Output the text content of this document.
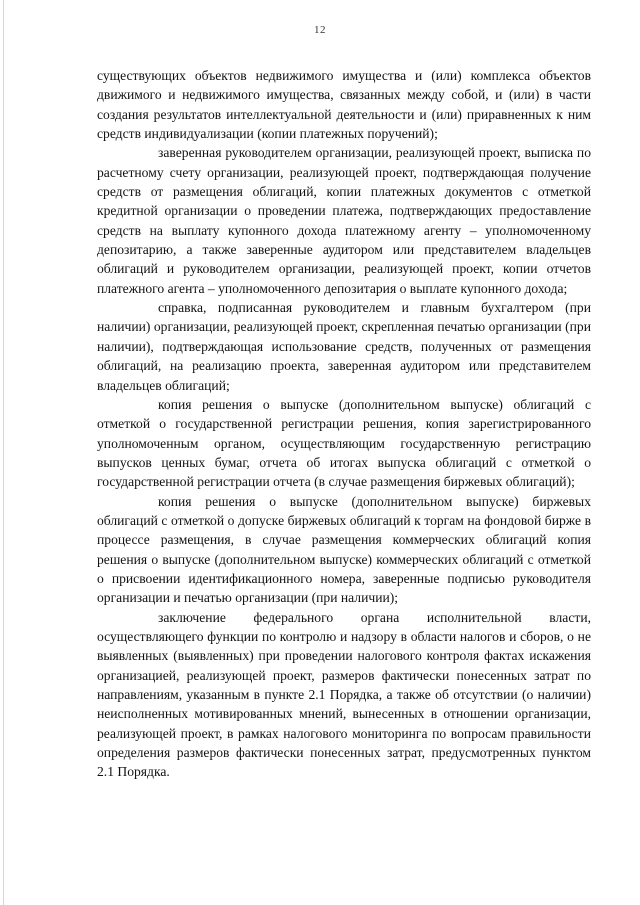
12

существующих объектов недвижимого имущества и (или) комплекса объектов движимого и недвижимого имущества, связанных между собой, и (или) в части создания результатов интеллектуальной деятельности и (или) приравненных к ним средств индивидуализации (копии платежных поручений);

заверенная руководителем организации, реализующей проект, выписка по расчетному счету организации, реализующей проект, подтверждающая получение средств от размещения облигаций, копии платежных документов с отметкой кредитной организации о проведении платежа, подтверждающих предоставление средств на выплату купонного дохода платежному агенту – уполномоченному депозитарию, а также заверенные аудитором или представителем владельцев облигаций и руководителем организации, реализующей проект, копии отчетов платежного агента – уполномоченного депозитария о выплате купонного дохода;

справка, подписанная руководителем и главным бухгалтером (при наличии) организации, реализующей проект, скрепленная печатью организации (при наличии), подтверждающая использование средств, полученных от размещения облигаций, на реализацию проекта, заверенная аудитором или представителем владельцев облигаций;

копия решения о выпуске (дополнительном выпуске) облигаций с отметкой о государственной регистрации решения, копия зарегистрированного уполномоченным органом, осуществляющим государственную регистрацию выпусков ценных бумаг, отчета об итогах выпуска облигаций с отметкой о государственной регистрации отчета (в случае размещения биржевых облигаций);

копия решения о выпуске (дополнительном выпуске) биржевых облигаций с отметкой о допуске биржевых облигаций к торгам на фондовой бирже в процессе размещения, в случае размещения коммерческих облигаций копия решения о выпуске (дополнительном выпуске) коммерческих облигаций с отметкой о присвоении идентификационного номера, заверенные подписью руководителя организации и печатью организации (при наличии);

заключение федерального органа исполнительной власти, осуществляющего функции по контролю и надзору в области налогов и сборов, о не выявленных (выявленных) при проведении налогового контроля фактах искажения организацией, реализующей проект, размеров фактически понесенных затрат по направлениям, указанным в пункте 2.1 Порядка, а также об отсутствии (о наличии) неисполненных мотивированных мнений, вынесенных в отношении организации, реализующей проект, в рамках налогового мониторинга по вопросам правильности определения размеров фактически понесенных затрат, предусмотренных пунктом 2.1 Порядка.
